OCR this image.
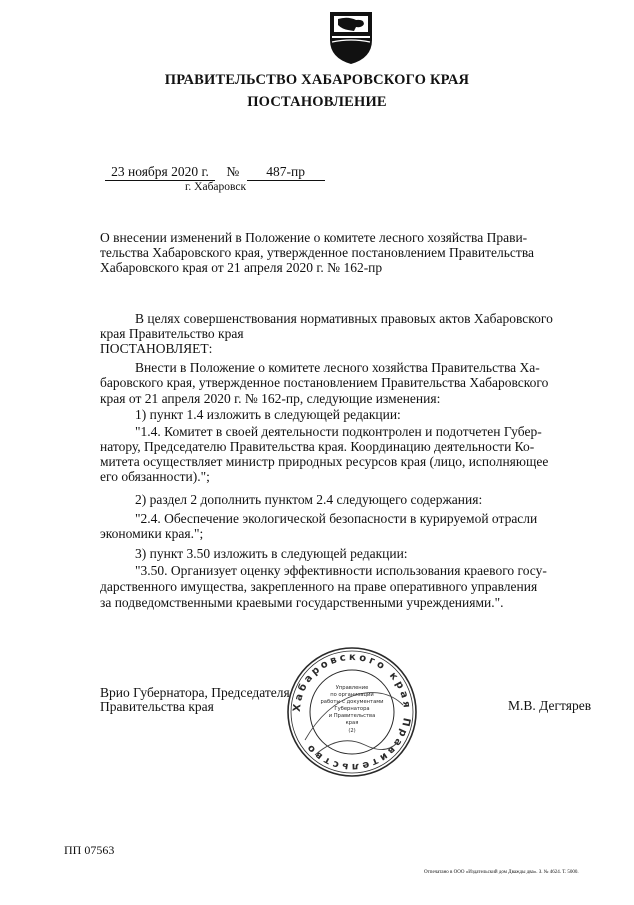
ПРАВИТЕЛЬСТВО ХАБАРОВСКОГО КРАЯ
ПОСТАНОВЛЕНИЕ
23 ноября 2020 г. № 487-пр
г. Хабаровск
О внесении изменений в Положение о комитете лесного хозяйства Прави-
тельства Хабаровского края, утвержденное постановлением Правительства
Хабаровского края от 21 апреля 2020 г. № 162-пр
В целях совершенствования нормативных правовых актов Хабаровского
края Правительство края
ПОСТАНОВЛЯЕТ:
Внести в Положение о комитете лесного хозяйства Правительства Ха-
баровского края, утвержденное постановлением Правительства Хабаровского
края от 21 апреля 2020 г. № 162-пр, следующие изменения:
1) пункт 1.4 изложить в следующей редакции:
"1.4. Комитет в своей деятельности подконтролен и подотчетен Губер-
натору, Председателю Правительства края. Координацию деятельности Ко-
митета осуществляет министр природных ресурсов края (лицо, исполняющее
его обязанности).";
2) раздел 2 дополнить пунктом 2.4 следующего содержания:
"2.4. Обеспечение экологической безопасности в курируемой отрасли
экономики края.";
3) пункт 3.50 изложить в следующей редакции:
"3.50. Организует оценку эффективности использования краевого госу-
дарственного имущества, закрепленного на праве оперативного управления
за подведомственными краевыми государственными учреждениями.".
Врио Губернатора, Председателя
Правительства края	М.В. Дегтярев
Хабаровского края Правительство
Управление
по организации
работы с документами
Губернатора
и Правительства
края
(2)
ПП 07563
Отпечатано в ООО «Издательский дом Дважды два». З. № 4624. Т. 5000.
